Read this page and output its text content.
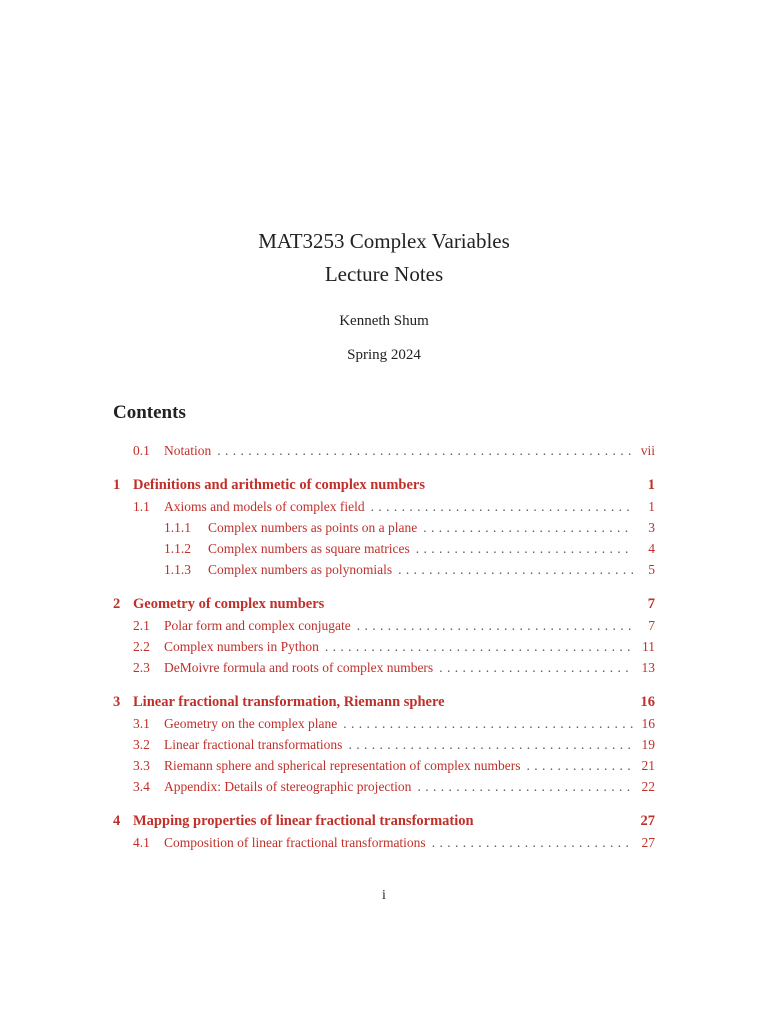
MAT3253 Complex Variables
Lecture Notes
Kenneth Shum
Spring 2024
Contents
0.1	Notation . . .	vii
1 Definitions and arithmetic of complex numbers	1
1.1	Axioms and models of complex field . . .	1
1.1.1	Complex numbers as points on a plane . . .	3
1.1.2	Complex numbers as square matrices . . .	4
1.1.3	Complex numbers as polynomials . . .	5
2 Geometry of complex numbers	7
2.1	Polar form and complex conjugate . . .	7
2.2	Complex numbers in Python . . .	11
2.3	DeMoivre formula and roots of complex numbers . . .	13
3 Linear fractional transformation, Riemann sphere	16
3.1	Geometry on the complex plane . . .	16
3.2	Linear fractional transformations . . .	19
3.3	Riemann sphere and spherical representation of complex numbers . . .	21
3.4	Appendix: Details of stereographic projection . . .	22
4 Mapping properties of linear fractional transformation	27
4.1	Composition of linear fractional transformations . . .	27
i
